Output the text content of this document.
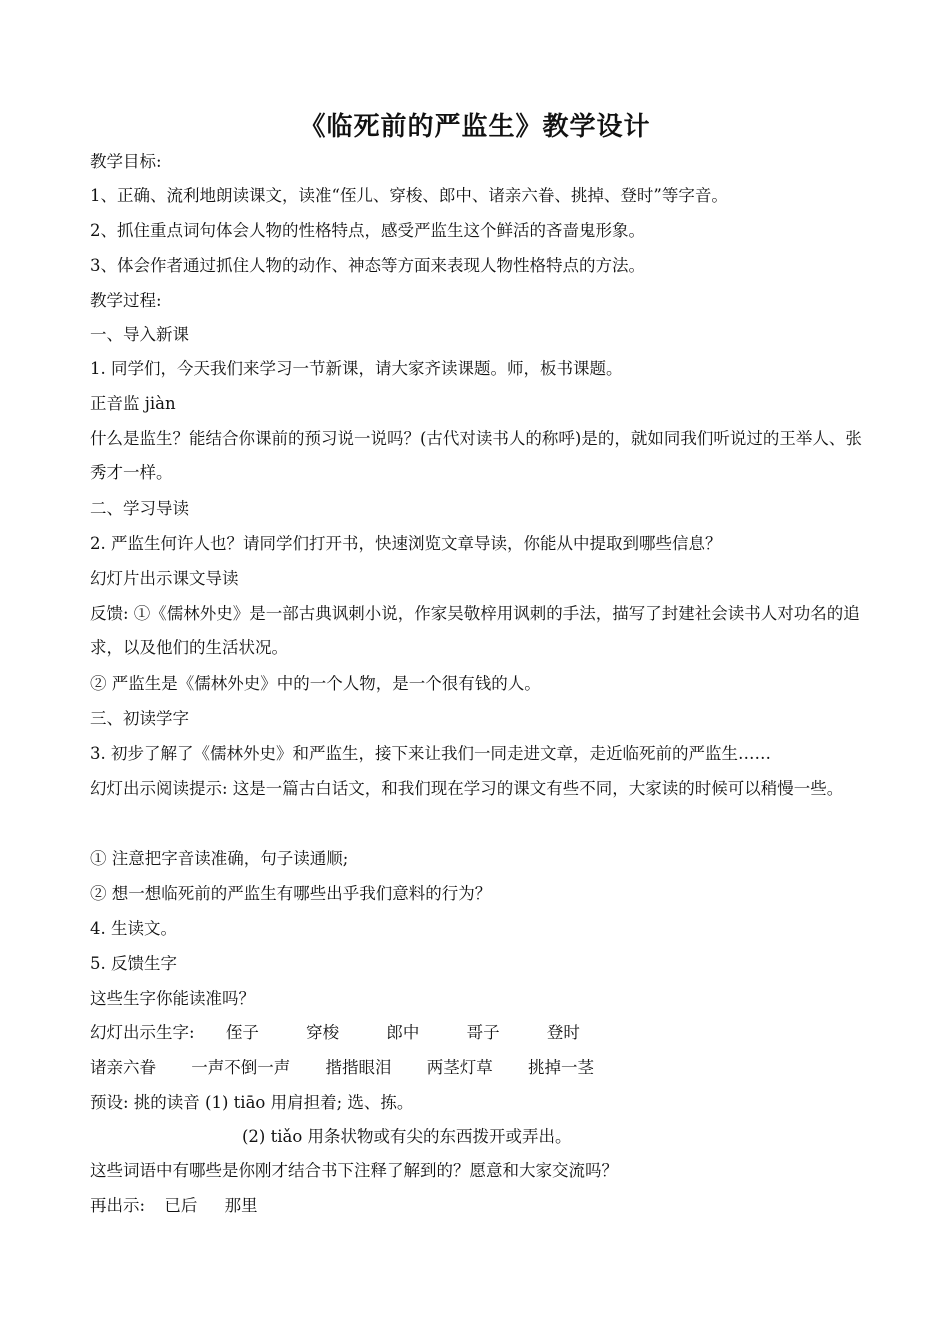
《临死前的严监生》教学设计
教学目标:
1、正确、流利地朗读课文，读准“侄儿、穿梭、郎中、诸亲六眷、挑掉、登时”等字音。
2、抓住重点词句体会人物的性格特点，感受严监生这个鲜活的吝啬鬼形象。
3、体会作者通过抓住人物的动作、神态等方面来表现人物性格特点的方法。
教学过程:
一、导入新课
1. 同学们，今天我们来学习一节新课，请大家齐读课题。师，板书课题。
正音监 jiàn
什么是监生？能结合你课前的预习说一说吗？(古代对读书人的称呼)是的，就如同我们听说过的王举人、张秀才一样。
二、学习导读
2. 严监生何许人也？请同学们打开书，快速浏览文章导读，你能从中提取到哪些信息？
幻灯片出示课文导读
反馈: ①《儒林外史》是一部古典讽刺小说，作家吴敬梓用讽刺的手法，描写了封建社会读书人对功名的追求，以及他们的生活状况。
② 严监生是《儒林外史》中的一个人物，是一个很有钱的人。
三、初读学字
3. 初步了解了《儒林外史》和严监生，接下来让我们一同走进文章，走近临死前的严监生……
幻灯出示阅读提示: 这是一篇古白话文，和我们现在学习的课文有些不同，大家读的时候可以稍慢一些。
① 注意把字音读准确，句子读通顺;
② 想一想临死前的严监生有哪些出乎我们意料的行为？
4. 生读文。
5. 反馈生字
这些生字你能读准吗？
幻灯出示生字: 侄子	穿梭	郎中	哥子	登时
诸亲六眷 一声不倒一声 揩揩眼泪 两茎灯草 挑掉一茎
预设: 挑的读音 (1) tiāo 用肩担着; 选、拣。
(2) tiǎo 用条状物或有尖的东西拨开或弄出。
这些词语中有哪些是你刚才结合书下注释了解到的？愿意和大家交流吗？
再出示: 已后 那里
